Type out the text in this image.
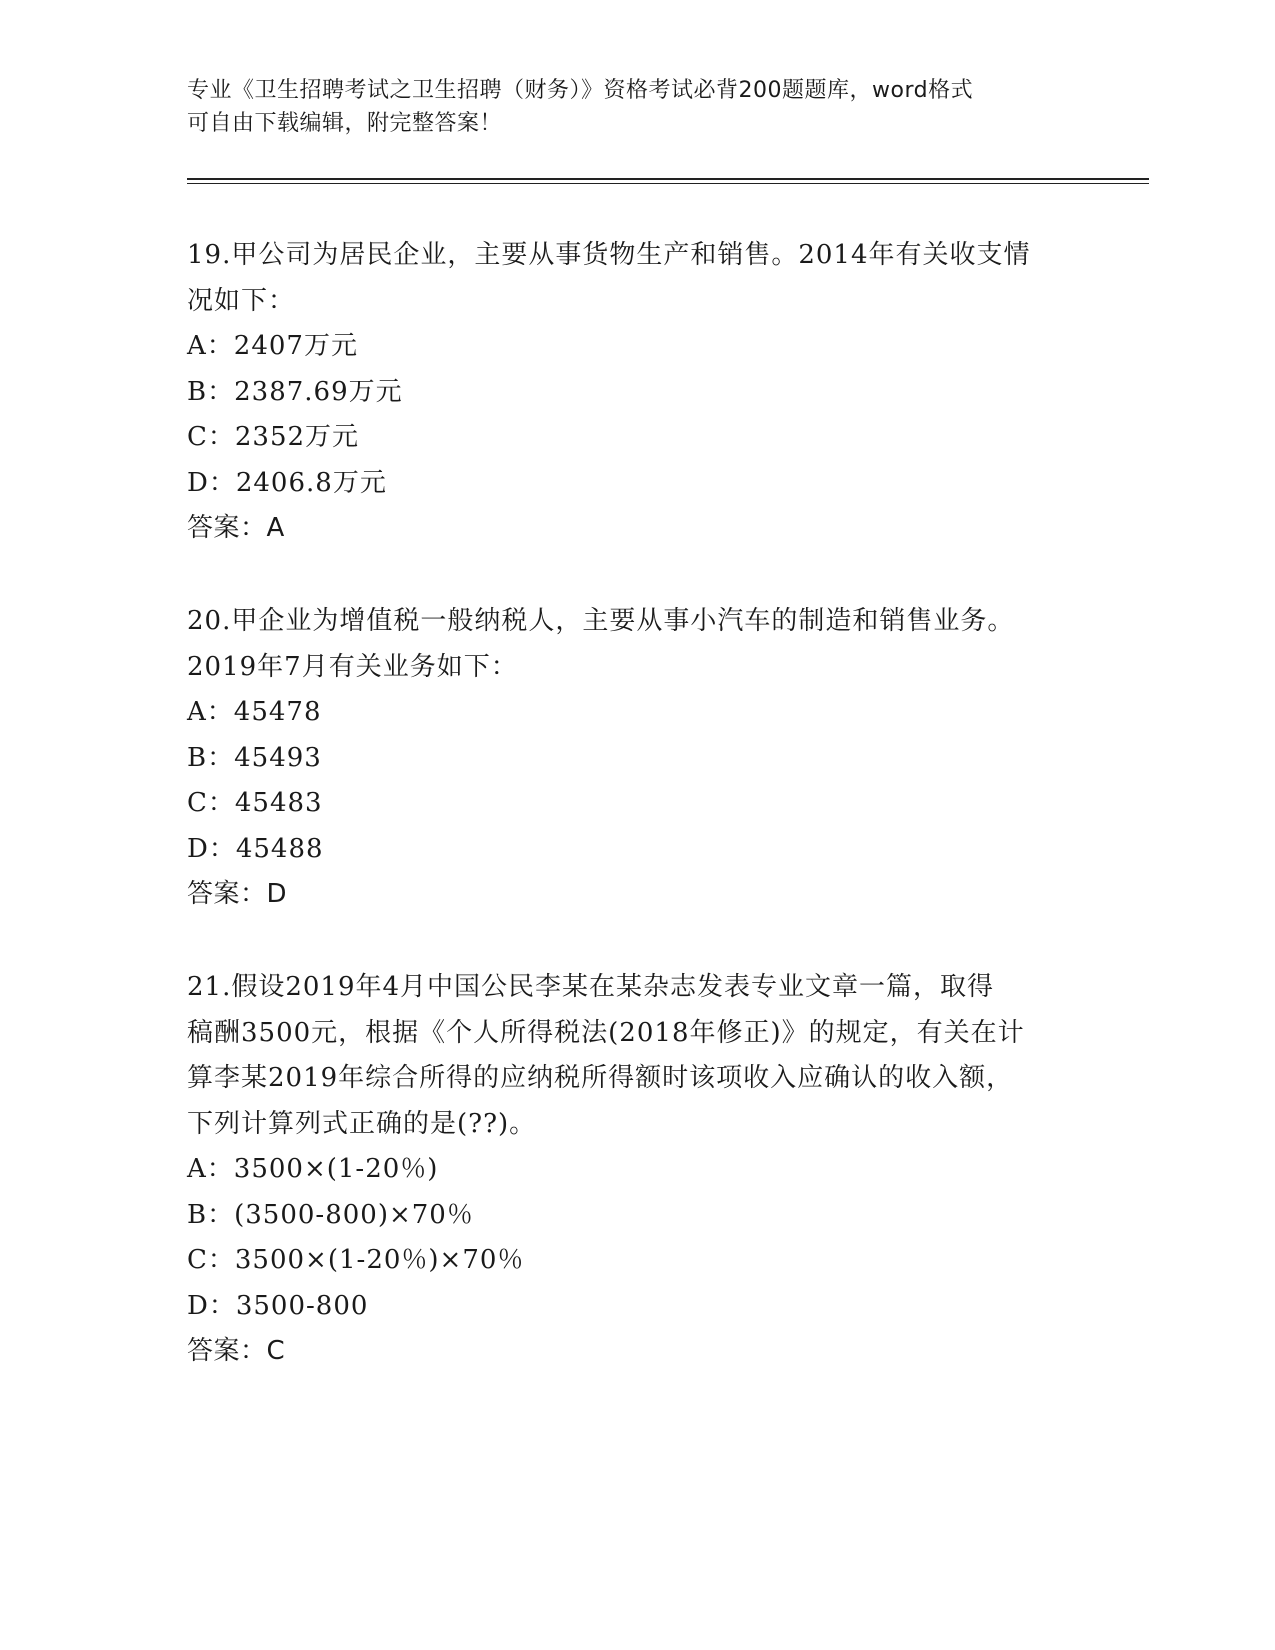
专业《卫生招聘考试之卫生招聘（财务）》资格考试必背200题题库，word格式
可自由下载编辑，附完整答案！
19.甲公司为居民企业，主要从事货物生产和销售。2014年有关收支情
况如下：
A：2407万元
B：2387.69万元
C：2352万元
D：2406.8万元
答案：A
20.甲企业为增值税一般纳税人，主要从事小汽车的制造和销售业务。
2019年7月有关业务如下：
A：45478
B：45493
C：45483
D：45488
答案：D
21.假设2019年4月中国公民李某在某杂志发表专业文章一篇，取得
稿酬3500元，根据《个人所得税法(2018年修正)》的规定，有关在计
算李某2019年综合所得的应纳税所得额时该项收入应确认的收入额，
下列计算列式正确的是(??)。
A：3500×(1-20％)
B：(3500-800)×70％
C：3500×(1-20％)×70％
D：3500-800
答案：C
